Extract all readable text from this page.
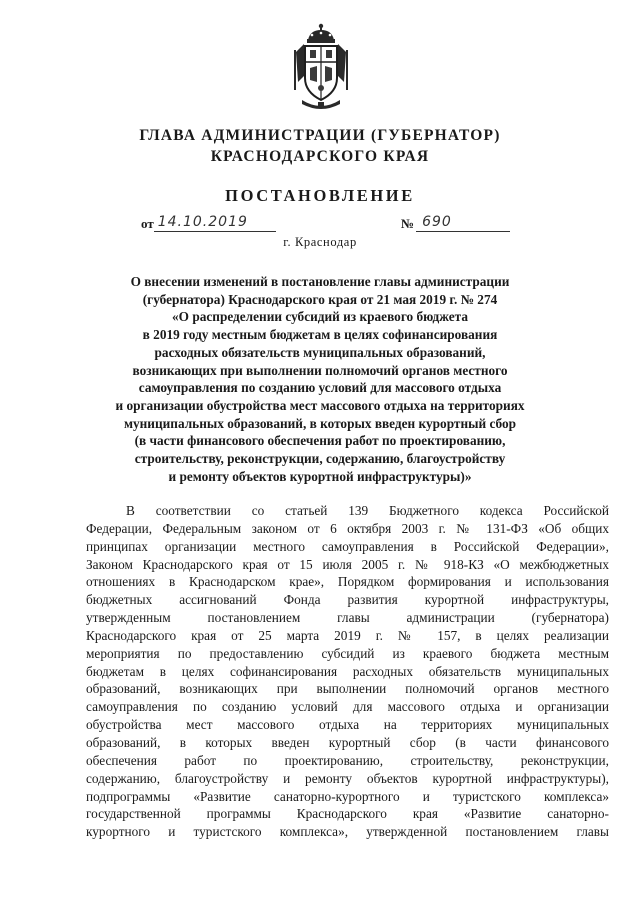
ГЛАВА АДМИНИСТРАЦИИ (ГУБЕРНАТОР)
КРАСНОДАРСКОГО КРАЯ
ПОСТАНОВЛЕНИЕ
от 14.10.2019	№ 690
г. Краснодар
О внесении изменений в постановление главы администрации
(губернатора) Краснодарского края от 21 мая 2019 г. № 274
«О распределении субсидий из краевого бюджета
в 2019 году местным бюджетам в целях софинансирования
расходных обязательств муниципальных образований,
возникающих при выполнении полномочий органов местного
самоуправления по созданию условий для массового отдыха
и организации обустройства мест массового отдыха на территориях
муниципальных образований, в которых введен курортный сбор
(в части финансового обеспечения работ по проектированию,
строительству, реконструкции, содержанию, благоустройству
и ремонту объектов курортной инфраструктуры)»
В соответствии со статьей 139 Бюджетного кодекса Российской
Федерации, Федеральным законом от 6 октября 2003 г. № 131-ФЗ «Об общих
принципах организации местного самоуправления в Российской Федерации»,
Законом Краснодарского края от 15 июля 2005 г. № 918-КЗ «О межбюджетных
отношениях в Краснодарском крае», Порядком формирования и использования
бюджетных ассигнований Фонда развития курортной инфраструктуры,
утвержденным постановлением главы администрации (губернатора)
Краснодарского края от 25 марта 2019 г. № 157, в целях реализации
мероприятия по предоставлению субсидий из краевого бюджета местным
бюджетам в целях софинансирования расходных обязательств муниципальных
образований, возникающих при выполнении полномочий органов местного
самоуправления по созданию условий для массового отдыха и организации
обустройства мест массового отдыха на территориях муниципальных
образований, в которых введен курортный сбор (в части финансового
обеспечения работ по проектированию, строительству, реконструкции,
содержанию, благоустройству и ремонту объектов курортной инфраструктуры),
подпрограммы «Развитие санаторно-курортного и туристского комплекса»
государственной программы Краснодарского края «Развитие санаторно-
курортного и туристского комплекса», утвержденной постановлением главы
